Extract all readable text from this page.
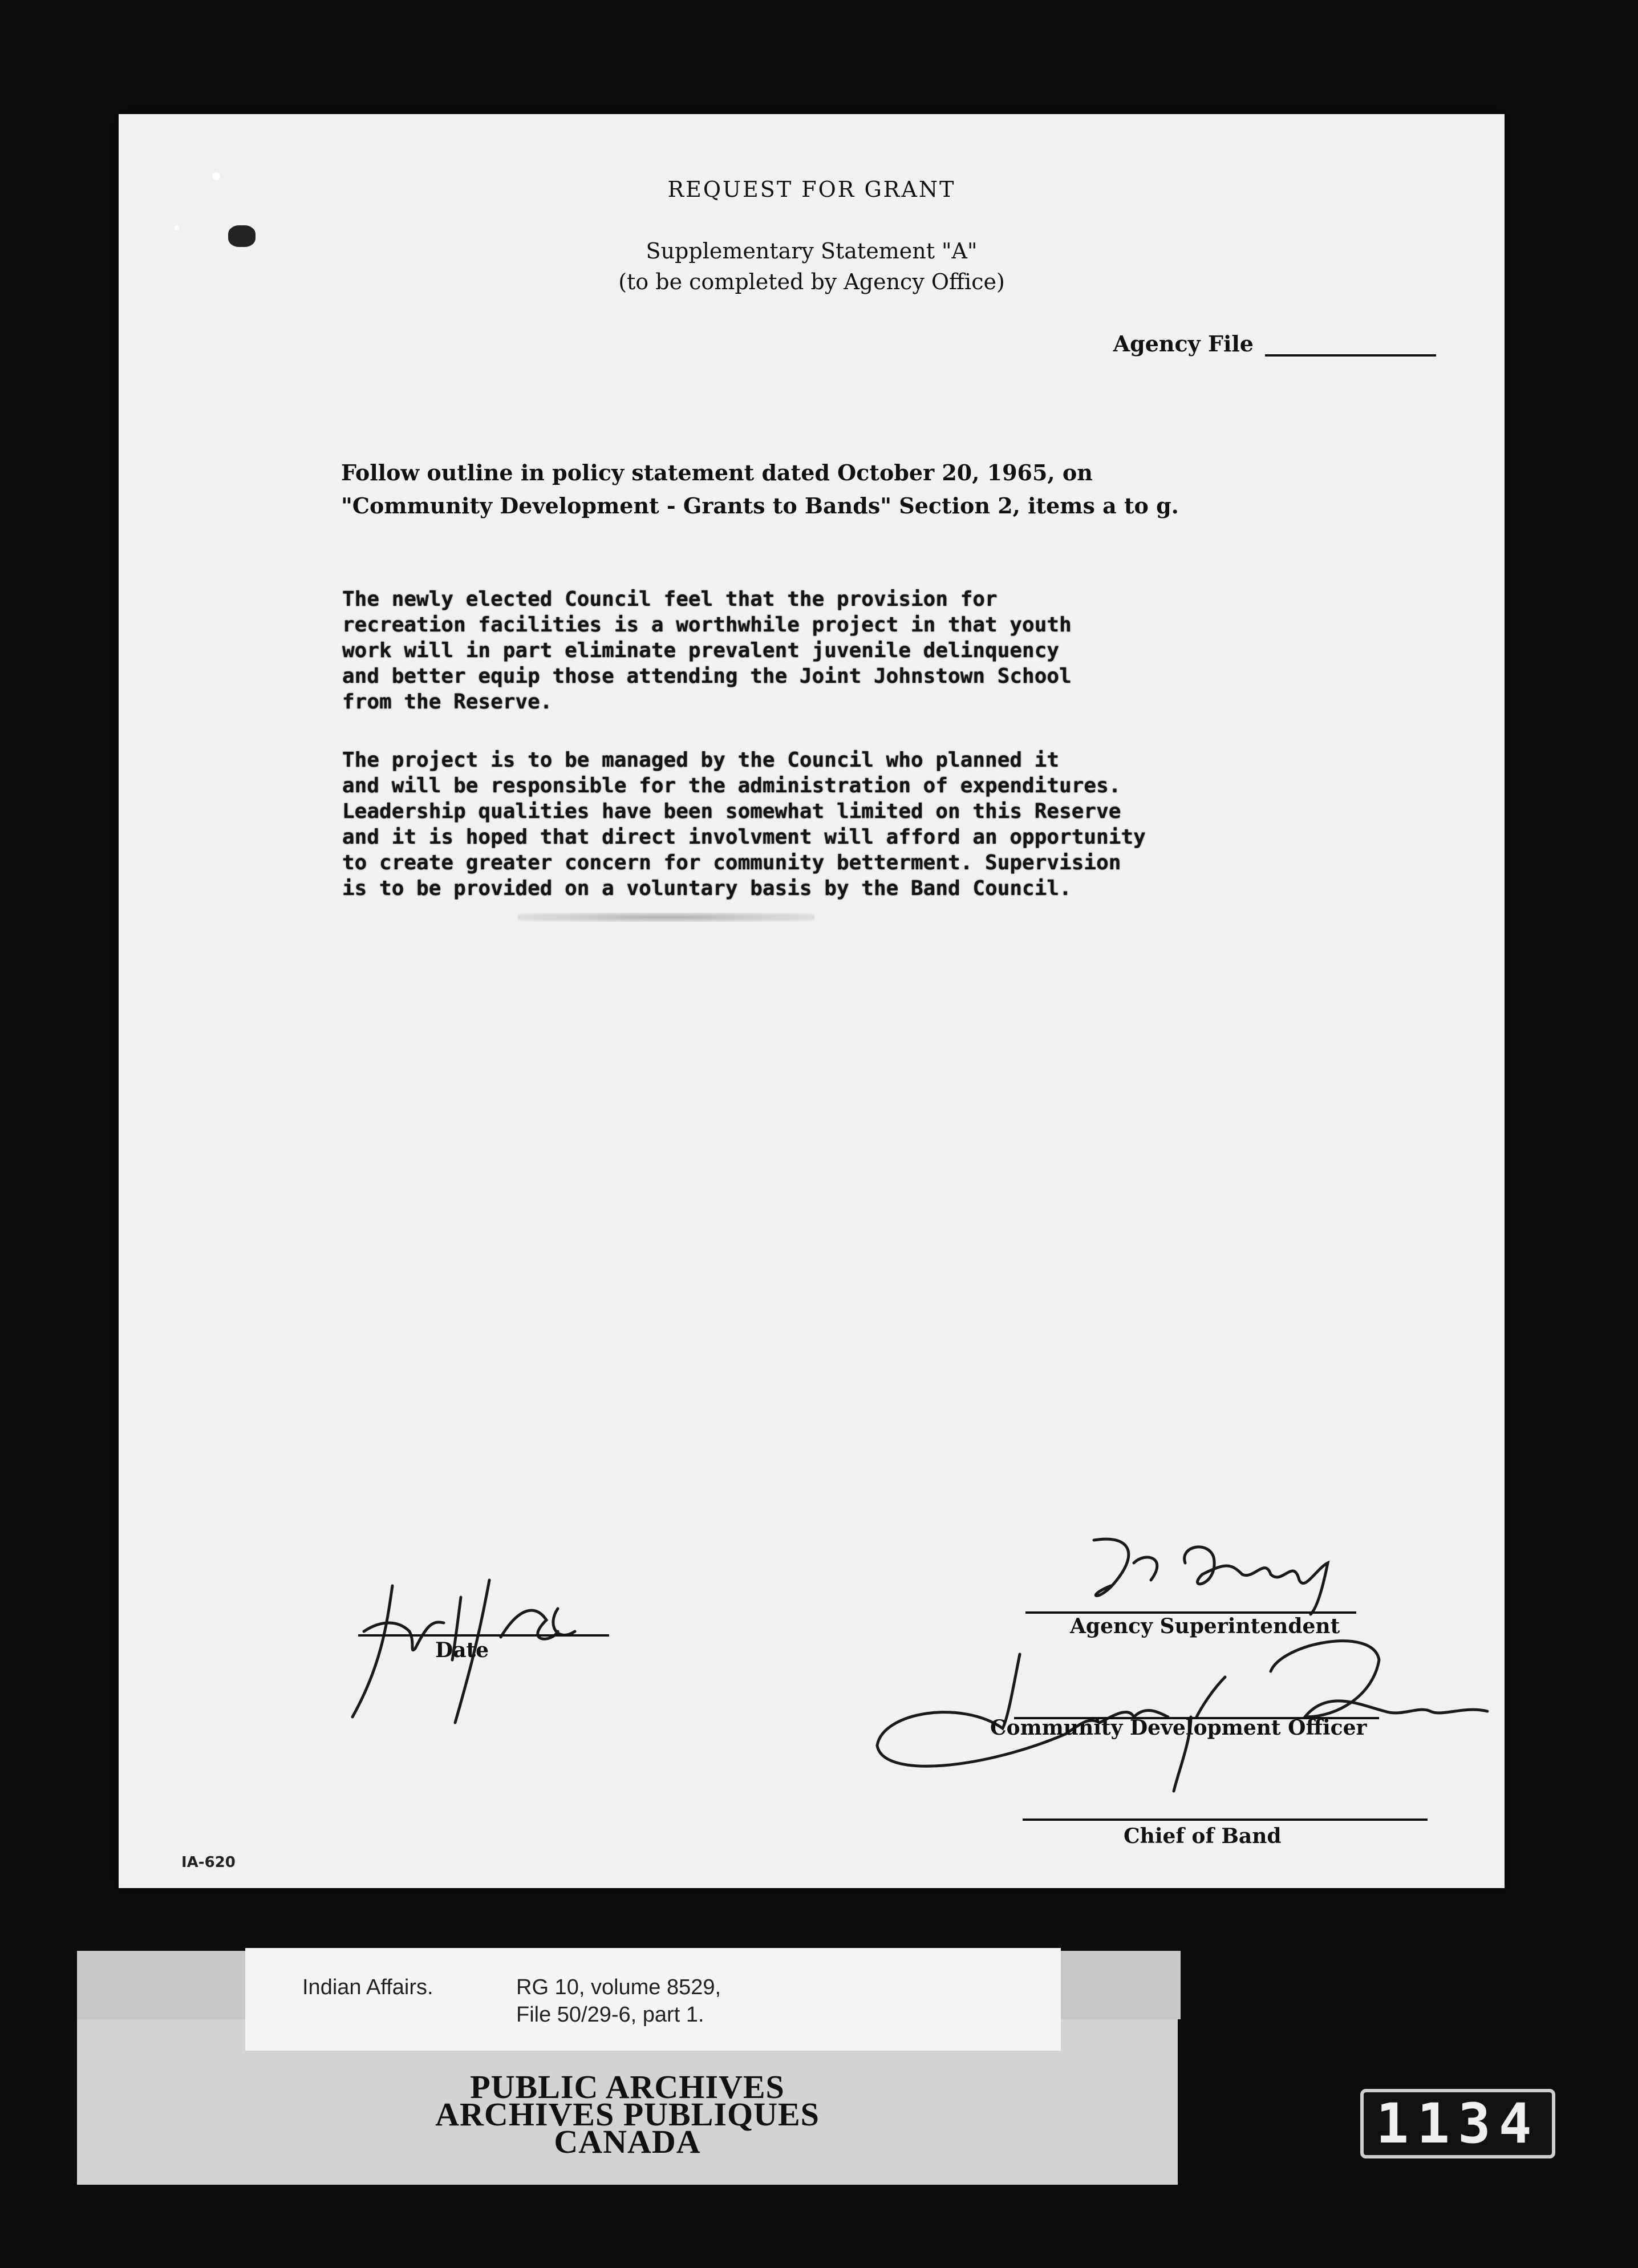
REQUEST FOR GRANT
Supplementary Statement "A"
(to be completed by Agency Office)
Agency File
Follow outline in policy statement dated October 20, 1965, on
"Community Development - Grants to Bands" Section 2, items a to g.
The newly elected Council feel that the provision for
recreation facilities is a worthwhile project in that youth
work will in part eliminate prevalent juvenile delinquency
and better equip those attending the Joint Johnstown School
from the Reserve.
The project is to be managed by the Council who planned it
and will be responsible for the administration of expenditures.
Leadership qualities have been somewhat limited on this Reserve
and it is hoped that direct involvment will afford an opportunity
to create greater concern for community betterment. Supervision
is to be provided on a voluntary basis by the Band Council.
July 11/66
Date
D. Gourlay
Agency Superintendent
Lorne W. Brown
Community Development Officer
Chief of Band
IA-620
Indian Affairs.	RG 10, volume 8529,
File 50/29-6, part 1.
PUBLIC ARCHIVES
ARCHIVES PUBLIQUES
CANADA	1134
